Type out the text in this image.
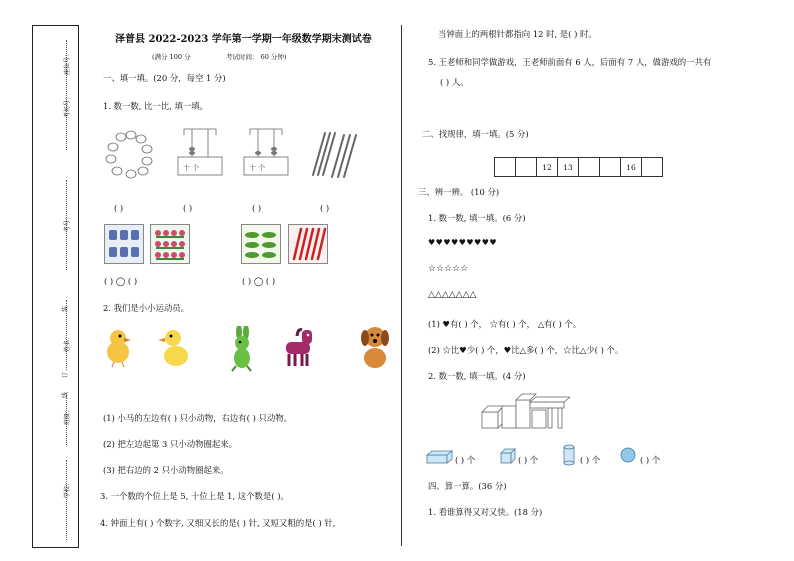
座位号：
考场号：
考号：
姓名：
班级：
学校：
装
订
线
泽普县 2022-2023 学年第一学期一年级数学期末测试卷
(满分 100 分	考试时间： 60 分钟)
一、填一填。(20 分，每空 1 分)
1. 数一数, 比一比, 填一填。
十 个	十 个
( )	( )	( )	( )
( ) ◯ ( )	( ) ◯ ( )
2. 我们是小小运动员。
(1) 小马的左边有( ) 只小动物，右边有( ) 只动物。
(2) 把左边起第 3 只小动物圈起来。
(3) 把右边的 2 只小动物圈起来。
3. 一个数的个位上是 5, 十位上是 1, 这个数是( )。
4. 钟面上有( ) 个数字, 又细又长的是( ) 针, 又短又粗的是( ) 针,
当钟面上的两根针都指向 12 时, 是( ) 时。
5. 王老师和同学做游戏，王老师前面有 6 人，后面有 7 人，做游戏的一共有
( ) 人。
二、找规律，填一填。(5 分)
		12	13			16	
三、辨一辨。 (10 分)
1. 数一数, 填一填。(6 分)
♥♥♥♥♥♥♥♥♥
☆☆☆☆☆
△△△△△△△
(1) ♥有( ) 个， ☆有( ) 个， △有( ) 个。
(2) ☆比♥少( ) 个，♥比△多( ) 个，☆比△少( ) 个。
2. 数一数, 填一填。(4 分)
( ) 个	( ) 个	( ) 个	( ) 个
四、算一算。(36 分)
1. 看谁算得又对又快。(18 分)
